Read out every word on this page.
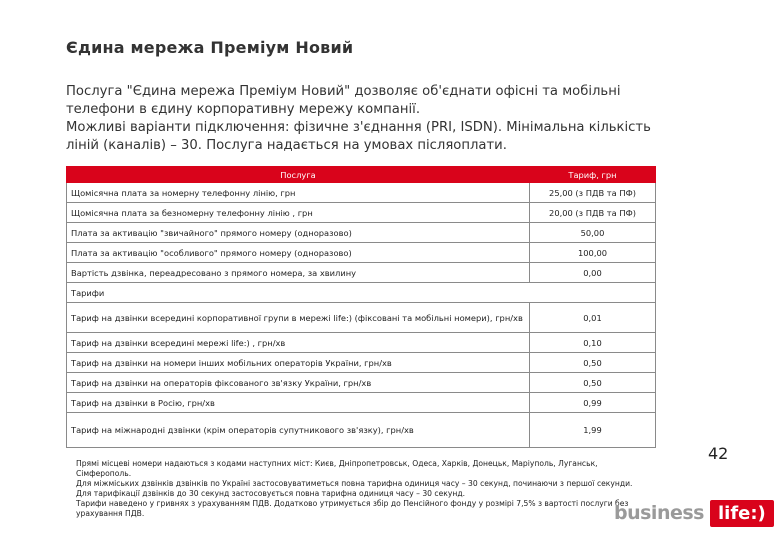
Єдина мережа Преміум Новий

Послуга "Єдина мережа Преміум Новий" дозволяє об'єднати офісні та мобільні телефони в єдину корпоративну мережу компанії.

Можливі варіанти підключення: фізичне з'єднання (PRI, ISDN). Мінімальна кількість ліній (каналів) – 30. Послуга надається на умовах післяоплати.

Послуга	Тариф, грн
Щомісячна плата за номерну телефонну лінію, грн	25,00 (з ПДВ та ПФ)
Щомісячна плата за безномерну телефонну лінію , грн	20,00 (з ПДВ та ПФ)
Плата за активацію "звичайного" прямого номеру (одноразово)	50,00
Плата за активацію "особливого" прямого номеру (одноразово)	100,00
Вартість дзвінка, переадресовано з прямого номера, за хвилину	0,00
Тарифи	
Тариф на дзвінки всередині корпоративної групи в мережі life:) (фіксовані та мобільні номери), грн/хв	0,01
Тариф на дзвінки всередині мережі life:) , грн/хв	0,10
Тариф на дзвінки на номери інших мобільних операторів України, грн/хв	0,50
Тариф на дзвінки на операторів фіксованого зв'язку України, грн/хв	0,50
Тариф на дзвінки в Росію, грн/хв	0,99
Тариф на міжнародні дзвінки (крім операторів супутникового зв'язку), грн/хв	1,99

Прямі місцеві номери надаються з кодами наступних міст: Києв, Дніпропетровськ, Одеса, Харків, Донецьк, Маріуполь, Луганськ, Сімферополь.

Для міжміських дзвінків дзвінків по Україні застосовуватиметься повна тарифна одиниця часу – 30 секунд, починаючи з першої секунди. Для тарифікації дзвінків до 30 секунд застосовується повна тарифна одиниця часу – 30 секунд.

Тарифи наведено у гривнях з урахуванням ПДВ. Додатково утримується збір до Пенсійного фонду у розмірі 7,5% з вартості послуги без урахування ПДВ.

42
business life:)
